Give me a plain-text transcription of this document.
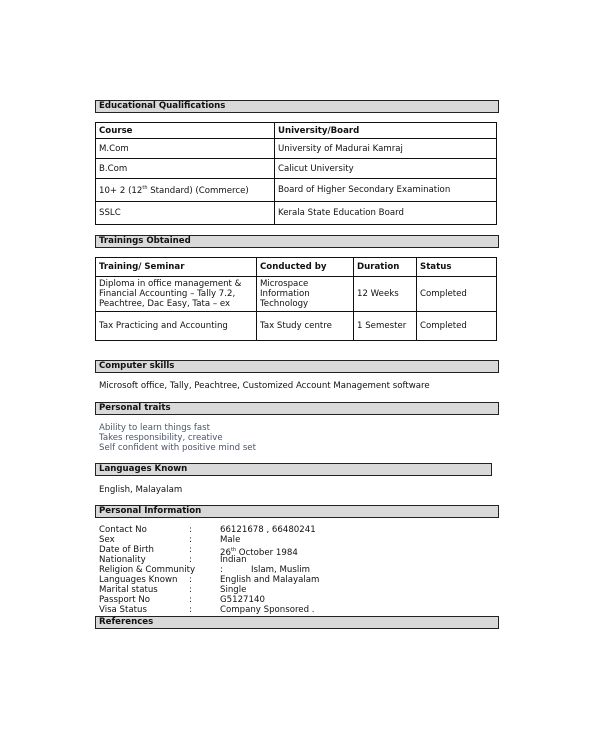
Educational Qualifications
Course	University/Board
M.Com	University of Madurai Kamraj
B.Com	Calicut University
10+ 2 (12th Standard) (Commerce)	Board of Higher Secondary Examination
SSLC	Kerala State Education Board
Trainings Obtained
Training/ Seminar	Conducted by	Duration	Status
Diploma in office management & Financial Accounting – Tally 7.2, Peachtree, Dac Easy, Tata – ex	Microspace Information Technology	12 Weeks	Completed
Tax Practicing and Accounting	Tax Study centre	1 Semester	Completed
Computer skills
Microsoft office, Tally, Peachtree, Customized Account Management software
Personal traits
Ability to learn things fast
Takes responsibility, creative
Self confident with positive mind set
Languages Known
English, Malayalam
Personal Information
Contact No	:	66121678 , 66480241
Sex	:	Male
Date of Birth	:	26th October 1984
Nationality	:	Indian
Religion & Community	:	Islam, Muslim
Languages Known :	English and Malayalam
Marital status	:	Single
Passport No	:	G5127140
Visa Status	:	Company Sponsored .
References
